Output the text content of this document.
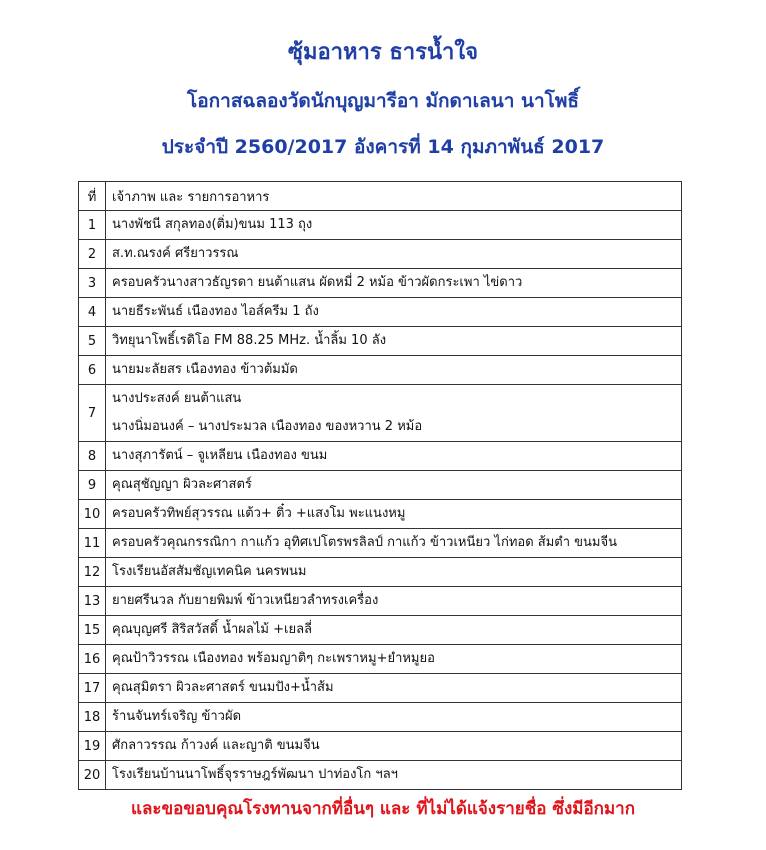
ซุ้มอาหาร ธารน้ำใจ
โอกาสฉลองวัดนักบุญมารีอา มักดาเลนา นาโพธิ์
ประจำปี 2560/2017 อังคารที่ 14 กุมภาพันธ์ 2017
ที่	เจ้าภาพ และ รายการอาหาร
1	นางพัชนี สกุลทอง(ติ่ม)ขนม 113 ถุง

2	ส.ท.ณรงค์ ศรียาวรรณ

3	ครอบครัวนางสาวธัญรดา ยนต้าแสน ผัดหมี่ 2 หม้อ ข้าวผัดกระเพา ไข่ดาว

4	นายธีระพันธ์ เนืองทอง ไอส์ครีม 1 ถัง

5	วิทยุนาโพธิ์เรดิโอ FM 88.25 MHz. น้ำลิ้ม 10 ลัง

6	นายมะลัยสร เนืองทอง ข้าวต้มมัด

7	นางประสงค์ ยนต้าแสน
นางนิ่มอนงค์ – นางประมวล เนืองทอง ของหวาน 2 หม้อ

8	นางสุภารัตน์ – จูเหลียน เนืองทอง ขนม

9	คุณสุชัญญา ผิวละศาสตร์

10	ครอบครัวทิพย์สุวรรณ แต้ว+ ติ๋ว +แสงโม พะแนงหมู

11	ครอบครัวคุณกรรณิกา กาแก้ว อุทิศเปโตรพรลิลป์ กาแก้ว ข้าวเหนียว ไก่ทอด ส้มตำ ขนมจีน

12	โรงเรียนอัสสัมชัญเทคนิค นครพนม

13	ยายศรีนวล กับยายพิมพ์ ข้าวเหนียวลำทรงเครื่อง

15	คุณบุญศรี สิริสวัสดิ์ น้ำผลไม้ +เยลลี่

16	คุณป้าวิวรรณ เนืองทอง พร้อมญาติๆ กะเพราหมู+ยำหมูยอ

17	คุณสุมิตรา ผิวละศาสตร์ ขนมปัง+น้ำส้ม

18	ร้านจันทร์เจริญ ข้าวผัด

19	ศักลาวรรณ ก้าวงค์ และญาติ ขนมจีน

20	โรงเรียนบ้านนาโพธิ์จุรราษฎร์พัฒนา ปาท่องโก ฯลฯ
และขอขอบคุณโรงทานจากที่อื่นๆ และ ที่ไม่ได้แจ้งรายชื่อ ซึ่งมีอีกมาก
